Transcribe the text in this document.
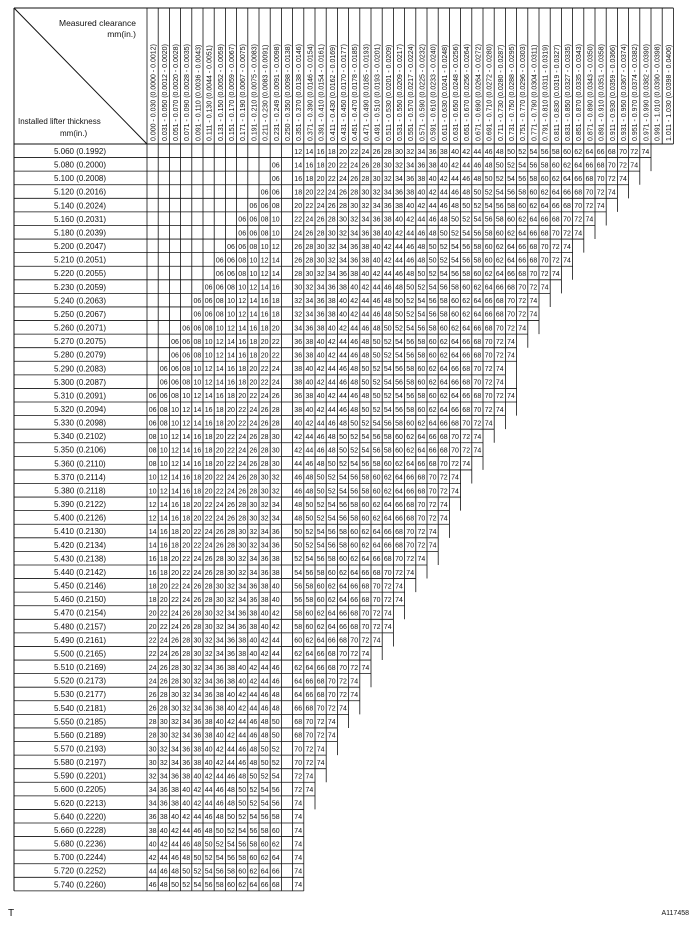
Measured clearance
mm(in.)
Installed lifter thickness
mm(in.)	0.000 - 0.030 (0.0000 - 0.0012) 0.031 - 0.050 (0.0012 - 0.0020) 0.051 - 0.070 (0.0020 - 0.0028) 0.071 - 0.090 (0.0028 - 0.0035) 0.091 - 0.110 (0.0036 - 0.0043) 0.111 - 0.130 (0.0044 - 0.0051) 0.131 - 0.150 (0.0052 - 0.0059) 0.151 - 0.170 (0.0059 - 0.0067) 0.171 - 0.190 (0.0067 - 0.0075) 0.191 - 0.210 (0.0075 - 0.0083) 0.211 - 0.230 (0.0083 - 0.0091) 0.231 - 0.249 (0.0091 - 0.0098) 0.250 - 0.350 (0.0098 - 0.0138) 0.351 - 0.370 (0.0138 - 0.0146) 0.371 - 0.390 (0.0146 - 0.0154) 0.391 - 0.410 (0.0154 - 0.0161) 0.411 - 0.430 (0.0162 - 0.0169) 0.431 - 0.450 (0.0170 - 0.0177) 0.451 - 0.470 (0.0178 - 0.0185) 0.471 - 0.490 (0.0185 - 0.0193) 0.491 - 0.510 (0.0193 - 0.0201) 0.511 - 0.530 (0.0201 - 0.0209) 0.531 - 0.550 (0.0209 - 0.0217) 0.551 - 0.570 (0.0217 - 0.0224) 0.571 - 0.590 (0.0225 - 0.0232) 0.591 - 0.610 (0.0233 - 0.0240) 0.611 - 0.630 (0.0241 - 0.0248) 0.631 - 0.650 (0.0248 - 0.0256) 0.651 - 0.670 (0.0256 - 0.0264) 0.671 - 0.690 (0.0264 - 0.0272) 0.691 - 0.710 (0.0272 - 0.0280) 0.711 - 0.730 (0.0280 - 0.0287) 0.731 - 0.750 (0.0288 - 0.0295) 0.751 - 0.770 (0.0296 - 0.0303) 0.771 - 0.790 (0.0304 - 0.0311) 0.791 - 0.810 (0.0311 - 0.0319) 0.811 - 0.830 (0.0319 - 0.0327) 0.831 - 0.850 (0.0327 - 0.0335) 0.851 - 0.870 (0.0335 - 0.0343) 0.871 - 0.890 (0.0343 - 0.0350) 0.891 - 0.910 (0.0351 - 0.0358) 0.911 - 0.930 (0.0359 - 0.0366) 0.931 - 0.950 (0.0367 - 0.0374) 0.951 - 0.970 (0.0374 - 0.0382) 0.971 - 0.990 (0.0382 - 0.0390) 0.991 - 1.010 (0.0390 - 0.0398) 1.011 - 1.030 (0.0398 - 0.0406)
5.060 (0.1992)
5.080 (0.2000)
5.100 (0.2008)
5.120 (0.2016)
5.140 (0.2024)
5.160 (0.2031)
5.180 (0.2039)
5.200 (0.2047)
5.210 (0.2051)
5.220 (0.2055)
5.230 (0.2059)
5.240 (0.2063)
5.250 (0.2067)
5.260 (0.2071)
5.270 (0.2075)
5.280 (0.2079)
5.290 (0.2083)
5.300 (0.2087)
5.310 (0.2091)
5.320 (0.2094)
5.330 (0.2098)
5.340 (0.2102)
5.350 (0.2106)
5.360 (0.2110)
5.370 (0.2114)
5.380 (0.2118)
5.390 (0.2122)
5.400 (0.2126)
5.410 (0.2130)
5.420 (0.2134)
5.430 (0.2138)
5.440 (0.2142)
5.450 (0.2146)
5.460 (0.2150)
5.470 (0.2154)
5.480 (0.2157)
5.490 (0.2161)
5.500 (0.2165)
5.510 (0.2169)
5.520 (0.2173)
5.530 (0.2177)
5.540 (0.2181)
5.550 (0.2185)
5.560 (0.2189)
5.570 (0.2193)
5.580 (0.2197)
5.590 (0.2201)
5.600 (0.2205)
5.620 (0.2213)
5.640 (0.2220)
5.660 (0.2228)
5.680 (0.2236)
5.700 (0.2244)
5.720 (0.2252)
5.740 (0.2260)
12 14 16 18 20 22 24 26 28 30 32 34 36 38 40 42 44 46 48 50 52 54 56 58 60 62 64 66 68 70 72 74
06 14 16 18 20 22 24 26 28 30 32 34 36 38 40 42 44 46 48 50 52 54 56 58 60 62 64 66 68 70 72 74
06 16 18 20 22 24 26 28 30 32 34 36 38 40 42 44 46 48 50 52 54 56 58 60 62 64 66 68 70 72 74
06 06 18 20 22 24 26 28 30 32 34 36 38 40 42 44 46 48 50 52 54 56 58 60 62 64 66 68 70 72 74
06 06 08 20 22 24 26 28 30 32 34 36 38 40 42 44 46 48 50 52 54 56 58 60 62 64 66 68 70 72 74
06 06 08 10 22 24 26 28 30 32 34 36 38 40 42 44 46 48 50 52 54 56 58 60 62 64 66 68 70 72 74
06 06 08 10 24 26 28 30 32 34 36 38 40 42 44 46 48 50 52 54 56 58 60 62 64 66 68 70 72 74
06 06 08 10 12 26 28 30 32 34 36 38 40 42 44 46 48 50 52 54 56 58 60 62 64 66 68 70 72 74
06 06 08 10 12 14 26 28 30 32 34 36 38 40 42 44 46 48 50 52 54 56 58 60 62 64 66 68 70 72 74
06 06 08 10 12 14 28 30 32 34 36 38 40 42 44 46 48 50 52 54 56 58 60 62 64 66 68 70 72 74
06 06 08 10 12 14 16 30 32 34 36 38 40 42 44 46 48 50 52 54 56 58 60 62 64 66 68 70 72 74
06 06 08 10 12 14 16 18 32 34 36 38 40 42 44 46 48 50 52 54 56 58 60 62 64 66 68 70 72 74
06 06 08 10 12 14 16 18 32 34 36 38 40 42 44 46 48 50 52 54 56 58 60 62 64 66 68 70 72 74
06 06 08 10 12 14 16 18 20 34 36 38 40 42 44 46 48 50 52 54 56 58 60 62 64 66 68 70 72 74
06 06 08 10 12 14 16 18 20 22 36 38 40 42 44 46 48 50 52 54 56 58 60 62 64 66 68 70 72 74
06 06 08 10 12 14 16 18 20 22 36 38 40 42 44 46 48 50 52 54 56 58 60 62 64 66 68 70 72 74
06 06 08 10 12 14 16 18 20 22 24 38 40 42 44 46 48 50 52 54 56 58 60 62 64 66 68 70 72 74
06 06 08 10 12 14 16 18 20 22 24 38 40 42 44 46 48 50 52 54 56 58 60 62 64 66 68 70 72 74
06 06 08 10 12 14 16 18 20 22 24 26 36 38 40 42 44 46 48 50 52 54 56 58 60 62 64 66 68 70 72 74
06 08 10 12 14 16 18 20 22 24 26 28 38 40 42 44 46 48 50 52 54 56 58 60 62 64 66 68 70 72 74
06 08 10 12 14 16 18 20 22 24 26 28 40 42 44 46 48 50 52 54 56 58 60 62 64 66 68 70 72 74
08 10 12 14 16 18 20 22 24 26 28 30 42 44 46 48 50 52 54 56 58 60 62 64 66 68 70 72 74
08 10 12 14 16 18 20 22 24 26 28 30 42 44 46 48 50 52 54 56 58 60 62 64 66 68 70 72 74
08 10 12 14 16 18 20 22 24 26 28 30 44 46 48 50 52 54 56 58 60 62 64 66 68 70 72 74
10 12 14 16 18 20 22 24 26 28 30 32 46 48 50 52 54 56 58 60 62 64 66 68 70 72 74
10 12 14 16 18 20 22 24 26 28 30 32 46 48 50 52 54 56 58 60 62 64 66 68 70 72 74
12 14 16 18 20 22 24 26 28 30 32 34 48 50 52 54 56 58 60 62 64 66 68 70 72 74
12 14 16 18 20 22 24 26 28 30 32 34 48 50 52 54 56 58 60 62 64 66 68 70 72 74
14 16 18 20 22 24 26 28 30 32 34 36 50 52 54 56 58 60 62 64 66 68 70 72 74
14 16 18 20 22 24 26 28 30 32 34 36 50 52 54 56 58 60 62 64 66 68 70 72 74
16 18 20 22 24 26 28 30 32 34 36 38 52 54 56 58 60 62 64 66 68 70 72 74
16 18 20 22 24 26 28 30 32 34 36 38 54 56 58 60 62 64 66 68 70 72 74
18 20 22 24 26 28 30 32 34 36 38 40 56 58 60 62 64 66 68 70 72 74
18 20 22 24 26 28 30 32 34 36 38 40 56 58 60 62 64 66 68 70 72 74
20 22 24 26 28 30 32 34 36 38 40 42 58 60 62 64 66 68 70 72 74
20 22 24 26 28 30 32 34 36 38 40 42 58 60 62 64 66 68 70 72 74
22 24 26 28 30 32 34 36 38 40 42 44 60 62 64 66 68 70 72 74
22 24 26 28 30 32 34 36 38 40 42 44 62 64 66 68 70 72 74
24 26 28 30 32 34 36 38 40 42 44 46 62 64 66 68 70 72 74
24 26 28 30 32 34 36 38 40 42 44 46 64 66 68 70 72 74
26 28 30 32 34 36 38 40 42 44 46 48 64 66 68 70 72 74
26 28 30 32 34 36 38 40 42 44 46 48 66 68 70 72 74
28 30 32 34 36 38 40 42 44 46 48 50 68 70 72 74
28 30 32 34 36 38 40 42 44 46 48 50 68 70 72 74
30 32 34 36 38 40 42 44 46 48 50 52 70 72 74
30 32 34 36 38 40 42 44 46 48 50 52 70 72 74
32 34 36 38 40 42 44 46 48 50 52 54 72 74
34 36 38 40 42 44 46 48 50 52 54 56 72 74
34 36 38 40 42 44 46 48 50 52 54 56 74
36 38 40 42 44 46 48 50 52 54 56 58 74
38 40 42 44 46 48 50 52 54 56 58 60 74
40 42 44 46 48 50 52 54 56 58 60 62 74
42 44 46 48 50 52 54 56 58 60 62 64 74
44 46 48 50 52 54 56 58 60 62 64 66 74
46 48 50 52 54 56 58 60 62 64 66 68 74
T	A117458
